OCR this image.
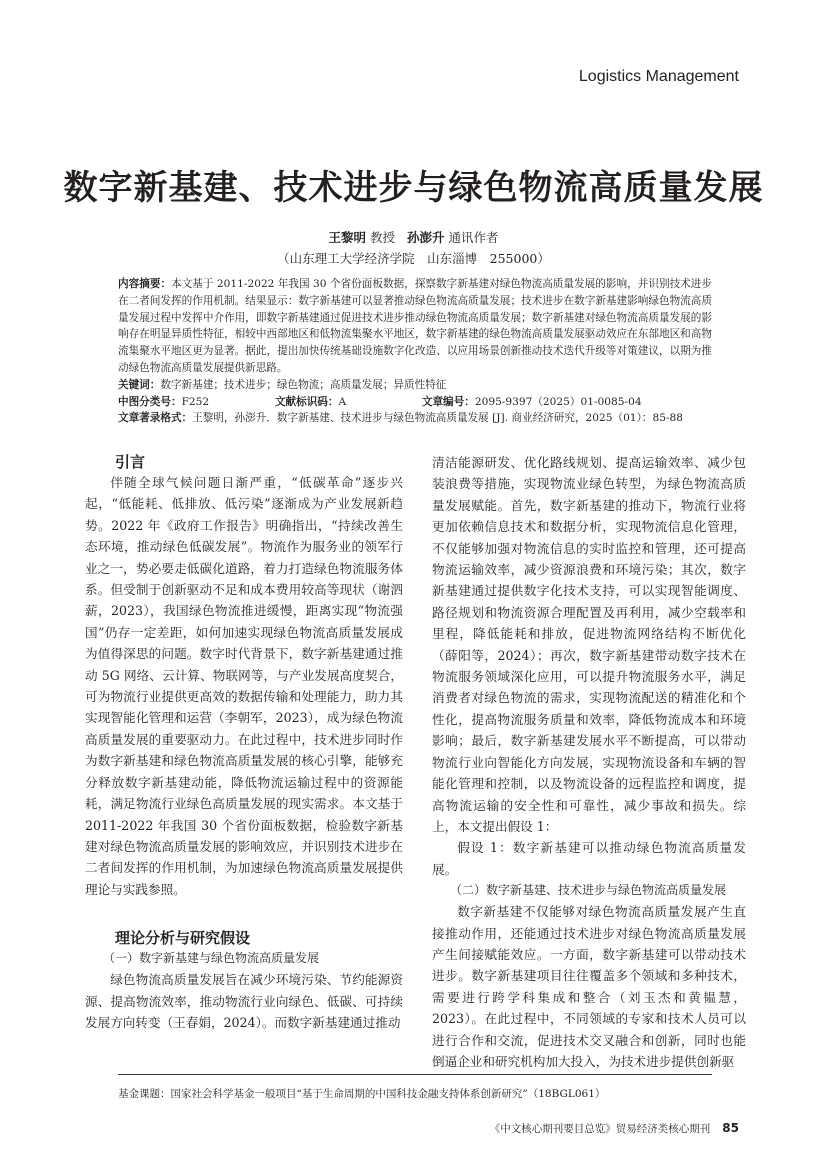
Logistics Management
数字新基建、技术进步与绿色物流高质量发展
王黎明 教授 孙澎升 通讯作者
（山东理工大学经济学院　山东淄博　255000）
内容摘要：本文基于 2011-2022 年我国 30 个省份面板数据，探察数字新基建对绿色物流高质量发展的影响，并识别技术进步在二者间发挥的作用机制。结果显示：数字新基建可以显著推动绿色物流高质量发展；技术进步在数字新基建影响绿色物流高质量发展过程中发挥中介作用，即数字新基建通过促进技术进步推动绿色物流高质量发展；数字新基建对绿色物流高质量发展的影响存在明显异质性特征，相较中西部地区和低物流集聚水平地区，数字新基建的绿色物流高质量发展驱动效应在东部地区和高物流集聚水平地区更为显著。据此，提出加快传统基础设施数字化改造、以应用场景创新推动技术迭代升级等对策建议，以期为推动绿色物流高质量发展提供新思路。
关键词：数字新基建；技术进步；绿色物流；高质量发展；异质性特征
中图分类号：F252	文献标识码：A	文章编号：2095-9397（2025）01-0085-04
文章著录格式：王黎明，孙澎升．数字新基建、技术进步与绿色物流高质量发展 [J]. 商业经济研究，2025（01）：85-88
引言

伴随全球气候问题日渐严重，“低碳革命”逐步兴起，“低能耗、低排放、低污染”逐渐成为产业发展新趋势。2022 年《政府工作报告》明确指出，“持续改善生态环境，推动绿色低碳发展”。物流作为服务业的领军行业之一，势必要走低碳化道路，着力打造绿色物流服务体系。但受制于创新驱动不足和成本费用较高等现状（谢泗薪，2023），我国绿色物流推进缓慢，距离实现“物流强国”仍存一定差距，如何加速实现绿色物流高质量发展成为值得深思的问题。数字时代背景下，数字新基建通过推动 5G 网络、云计算、物联网等，与产业发展高度契合，可为物流行业提供更高效的数据传输和处理能力，助力其实现智能化管理和运营（李朝军，2023），成为绿色物流高质量发展的重要驱动力。在此过程中，技术进步同时作为数字新基建和绿色物流高质量发展的核心引擎，能够充分释放数字新基建动能，降低物流运输过程中的资源能耗，满足物流行业绿色高质量发展的现实需求。本文基于 2011-2022 年我国 30 个省份面板数据，检验数字新基建对绿色物流高质量发展的影响效应，并识别技术进步在二者间发挥的作用机制，为加速绿色物流高质量发展提供理论与实践参照。

理论分析与研究假设
（一）数字新基建与绿色物流高质量发展

绿色物流高质量发展旨在减少环境污染、节约能源资源、提高物流效率，推动物流行业向绿色、低碳、可持续发展方向转变（王春娟，2024）。而数字新基建通过推动

清洁能源研发、优化路线规划、提高运输效率、减少包装浪费等措施，实现物流业绿色转型，为绿色物流高质量发展赋能。首先，数字新基建的推动下，物流行业将更加依赖信息技术和数据分析，实现物流信息化管理，不仅能够加强对物流信息的实时监控和管理，还可提高物流运输效率，减少资源浪费和环境污染；其次，数字新基建通过提供数字化技术支持，可以实现智能调度、路径规划和物流资源合理配置及再利用，减少空载率和里程，降低能耗和排放，促进物流网络结构不断优化（薛阳等，2024）；再次，数字新基建带动数字技术在物流服务领域深化应用，可以提升物流服务水平，满足消费者对绿色物流的需求，实现物流配送的精准化和个性化，提高物流服务质量和效率，降低物流成本和环境影响；最后，数字新基建发展水平不断提高，可以带动物流行业向智能化方向发展，实现物流设备和车辆的智能化管理和控制，以及物流设备的远程监控和调度，提高物流运输的安全性和可靠性，减少事故和损失。综上，本文提出假设 1：

假设 1：数字新基建可以推动绿色物流高质量发展。

（二）数字新基建、技术进步与绿色物流高质量发展

数字新基建不仅能够对绿色物流高质量发展产生直接推动作用，还能通过技术进步对绿色物流高质量发展产生间接赋能效应。一方面，数字新基建可以带动技术进步。数字新基建项目往往覆盖多个领域和多种技术，需要进行跨学科集成和整合（刘玉杰和黄韫慧，2023）。在此过程中，不同领域的专家和技术人员可以进行合作和交流，促进技术交叉融合和创新，同时也能倒逼企业和研究机构加大投入，为技术进步提供创新驱

基金课题：国家社会科学基金一般项目“基于生命周期的中国科技金融支持体系创新研究”（18BGL061）
《中文核心期刊要目总览》贸易经济类核心期刊 85
